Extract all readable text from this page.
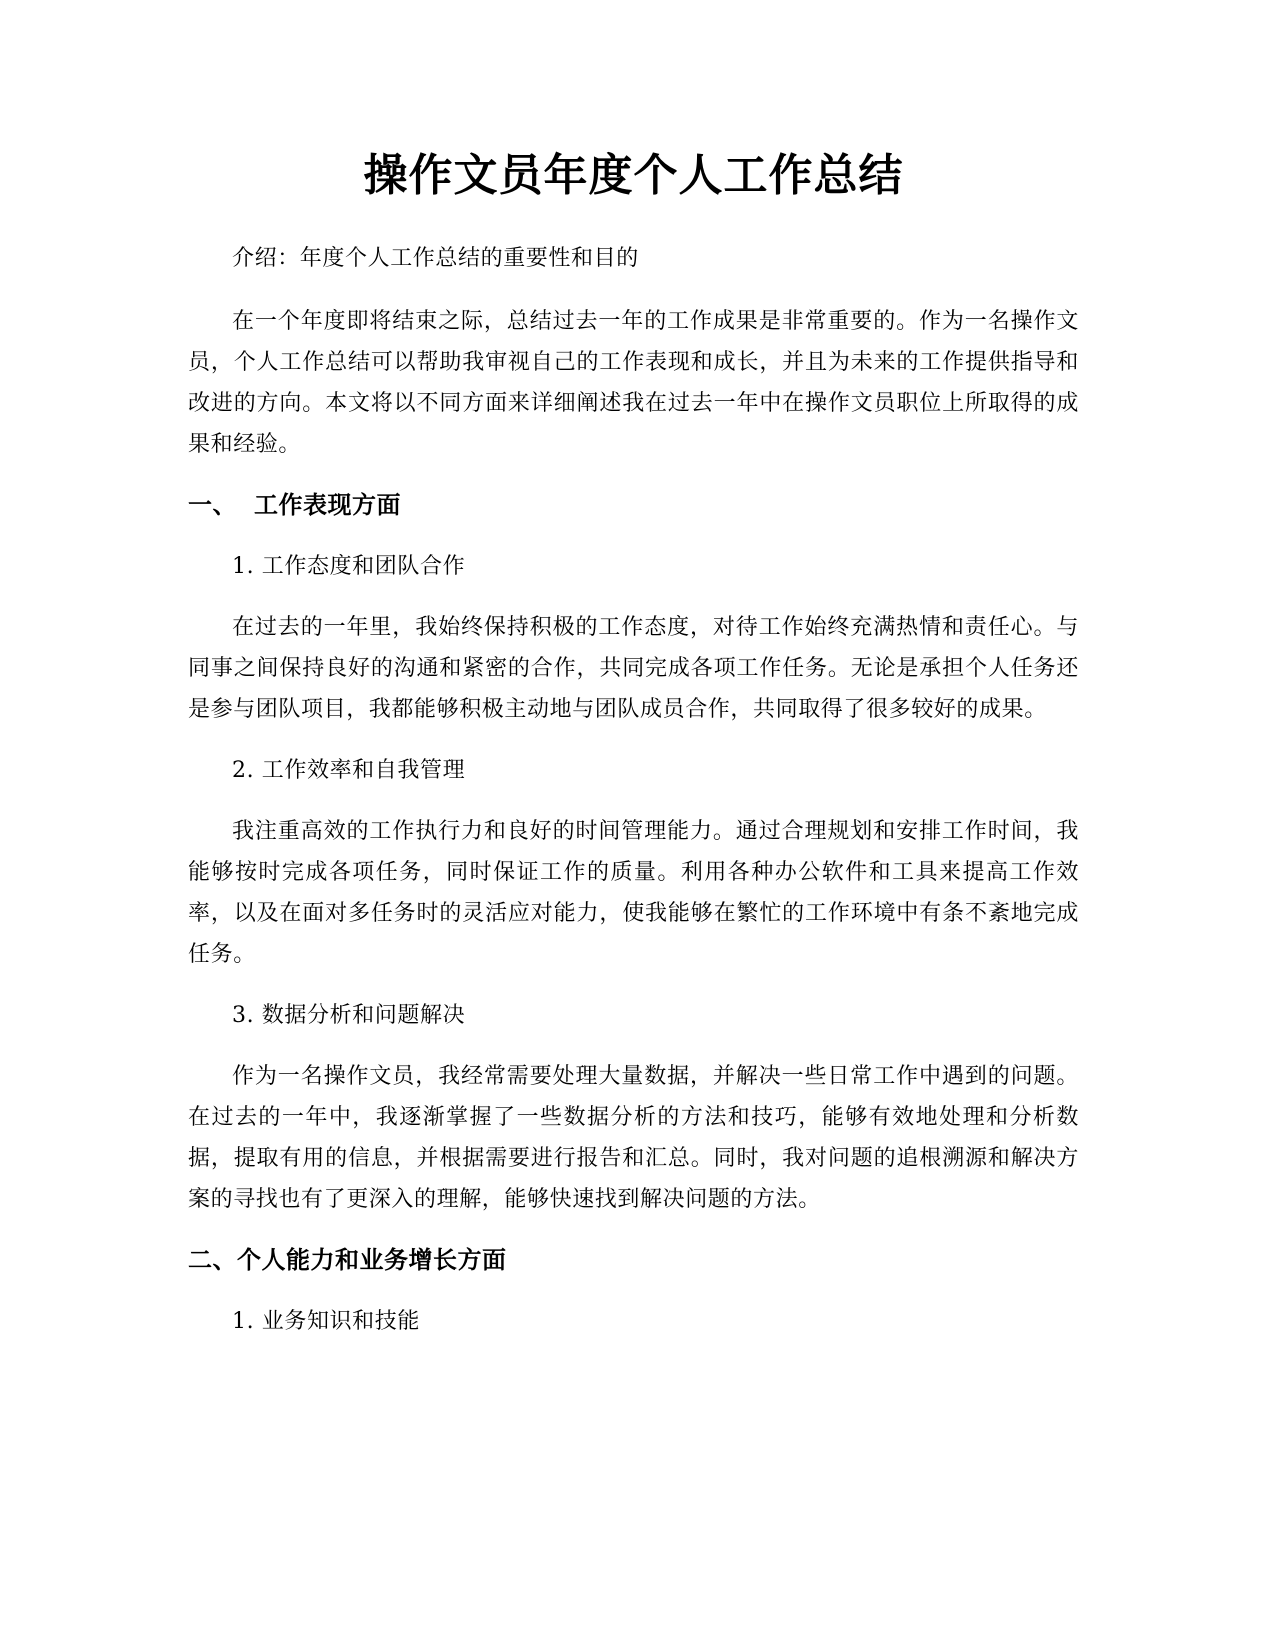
操作文员年度个人工作总结

介绍：年度个人工作总结的重要性和目的

在一个年度即将结束之际，总结过去一年的工作成果是非常重要的。作为一名操作文员，个人工作总结可以帮助我审视自己的工作表现和成长，并且为未来的工作提供指导和改进的方向。本文将以不同方面来详细阐述我在过去一年中在操作文员职位上所取得的成果和经验。

一、 工作表现方面

1. 工作态度和团队合作

在过去的一年里，我始终保持积极的工作态度，对待工作始终充满热情和责任心。与同事之间保持良好的沟通和紧密的合作，共同完成各项工作任务。无论是承担个人任务还是参与团队项目，我都能够积极主动地与团队成员合作，共同取得了很多较好的成果。

2. 工作效率和自我管理

我注重高效的工作执行力和良好的时间管理能力。通过合理规划和安排工作时间，我能够按时完成各项任务，同时保证工作的质量。利用各种办公软件和工具来提高工作效率，以及在面对多任务时的灵活应对能力，使我能够在繁忙的工作环境中有条不紊地完成任务。

3. 数据分析和问题解决

作为一名操作文员，我经常需要处理大量数据，并解决一些日常工作中遇到的问题。在过去的一年中，我逐渐掌握了一些数据分析的方法和技巧，能够有效地处理和分析数据，提取有用的信息，并根据需要进行报告和汇总。同时，我对问题的追根溯源和解决方案的寻找也有了更深入的理解，能够快速找到解决问题的方法。

二、个人能力和业务增长方面

1. 业务知识和技能
